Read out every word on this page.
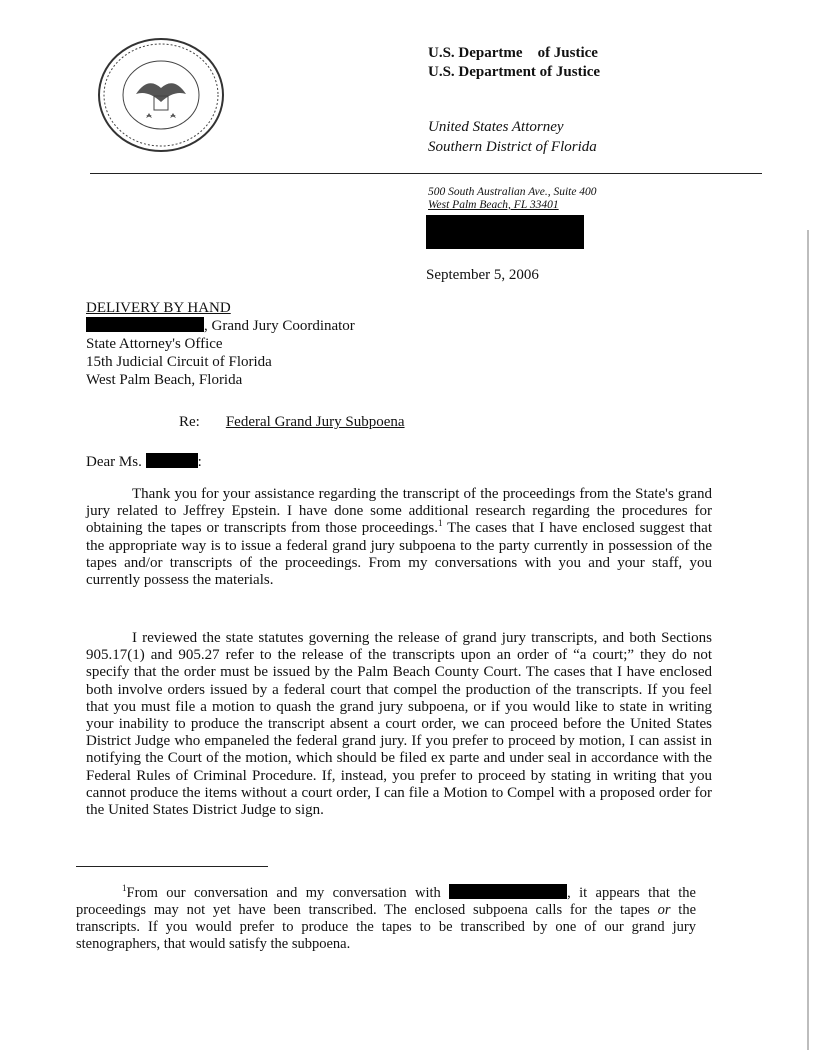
U.S. Departme    of Justice
U.S. Department of Justice
United States Attorney
Southern District of Florida
500 South Australian Ave., Suite 400
West Palm Beach, FL 33401
September 5, 2006
DELIVERY BY HAND
, Grand Jury Coordinator
State Attorney's Office
15th Judicial Circuit of Florida
West Palm Beach, Florida
Re: Federal Grand Jury Subpoena
Dear Ms.	:
Thank you for your assistance regarding the transcript of the proceedings from the State's grand jury related to Jeffrey Epstein. I have done some additional research regarding the procedures for obtaining the tapes or transcripts from those proceedings.$^1$ The cases that I have enclosed suggest that the appropriate way is to issue a federal grand jury subpoena to the party currently in possession of the tapes and/or transcripts of the proceedings. From my conversations with you and your staff, you currently possess the materials.
I reviewed the state statutes governing the release of grand jury transcripts, and both Sections 905.17(1) and 905.27 refer to the release of the transcripts upon an order of “a court;” they do not specify that the order must be issued by the Palm Beach County Court. The cases that I have enclosed both involve orders issued by a federal court that compel the production of the transcripts. If you feel that you must file a motion to quash the grand jury subpoena, or if you would like to state in writing your inability to produce the transcript absent a court order, we can proceed before the United States District Judge who empaneled the federal grand jury. If you prefer to proceed by motion, I can assist in notifying the Court of the motion, which should be filed ex parte and under seal in accordance with the Federal Rules of Criminal Procedure. If, instead, you prefer to proceed by stating in writing that you cannot produce the items without a court order, I can file a Motion to Compel with a proposed order for the United States District Judge to sign.
$^1$From our conversation and my conversation with	, it appears that the proceedings may not yet have been transcribed. The enclosed subpoena calls for the tapes or the transcripts. If you would prefer to produce the tapes to be transcribed by one of our grand jury stenographers, that would satisfy the subpoena.
